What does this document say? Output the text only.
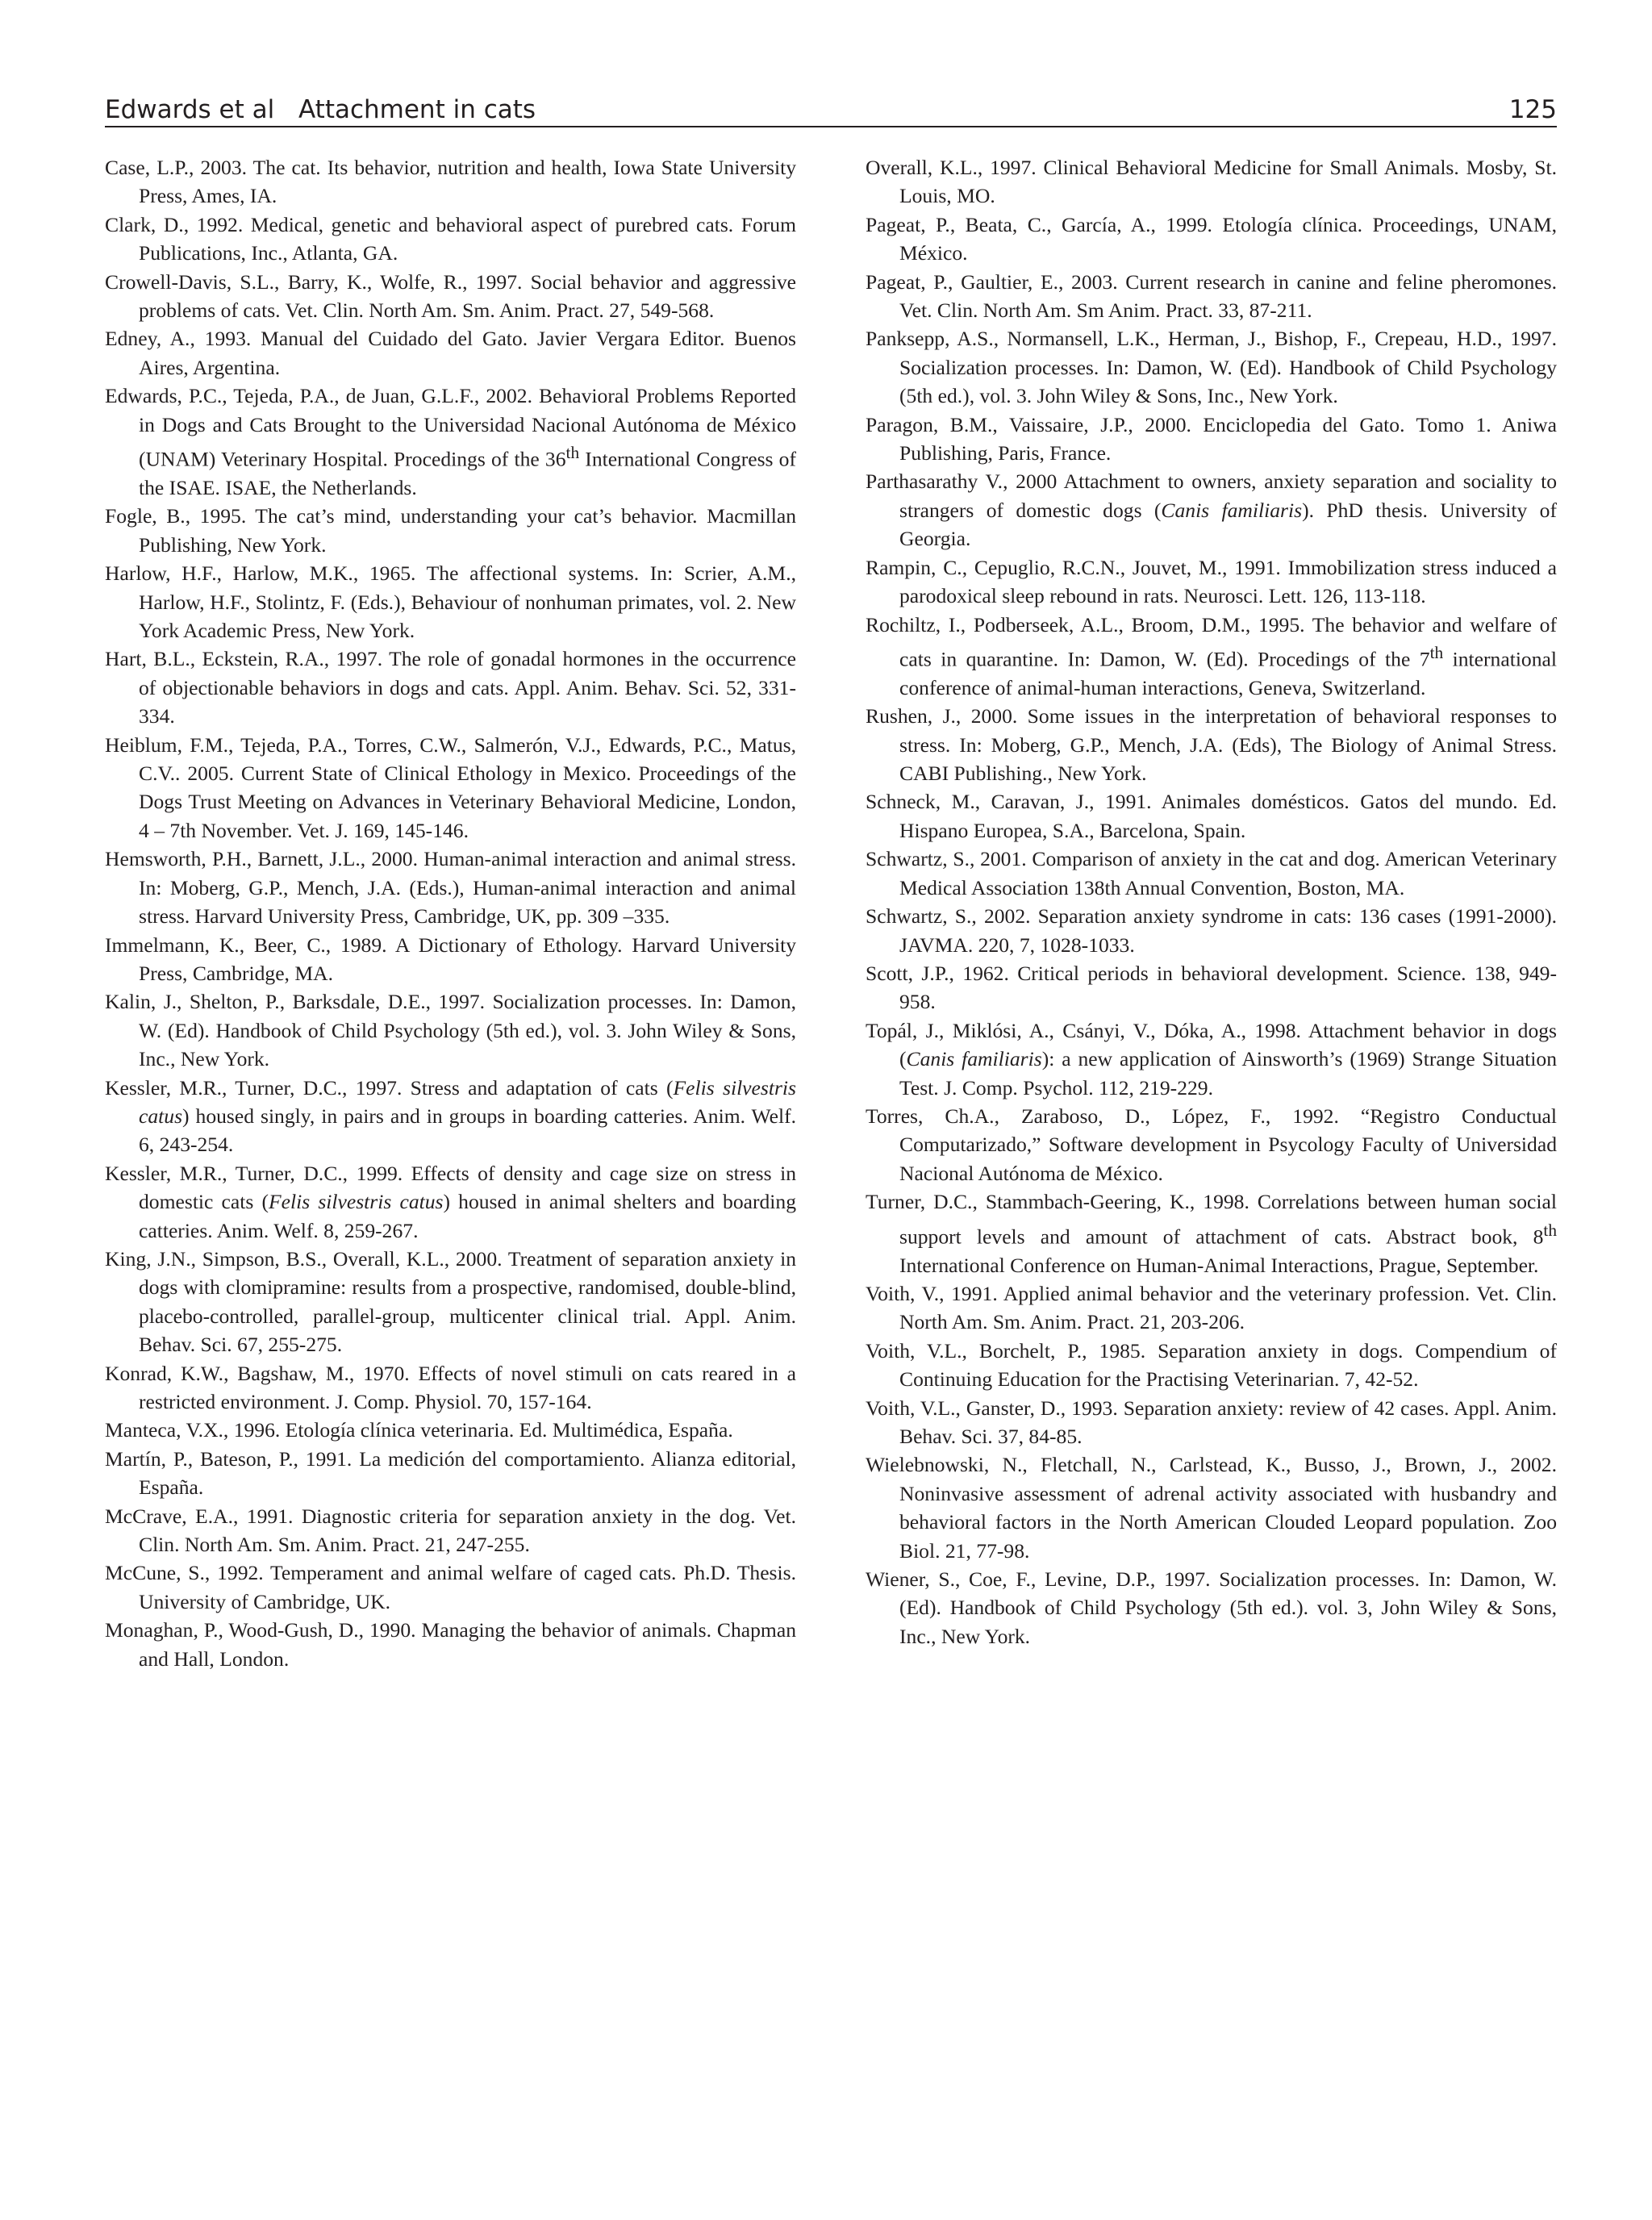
Edwards et al Attachment in cats	125

Case, L.P., 2003. The cat. Its behavior, nutrition and health, Iowa State University Press, Ames, IA.

Clark, D., 1992. Medical, genetic and behavioral aspect of purebred cats. Forum Publications, Inc., Atlanta, GA.

Crowell-Davis, S.L., Barry, K., Wolfe, R., 1997. Social behavior and aggressive problems of cats. Vet. Clin. North Am. Sm. Anim. Pract. 27, 549-568.

Edney, A., 1993. Manual del Cuidado del Gato. Javier Vergara Editor. Buenos Aires, Argentina.

Edwards, P.C., Tejeda, P.A., de Juan, G.L.F., 2002. Behavioral Problems Reported in Dogs and Cats Brought to the Universidad Nacional Autónoma de México (UNAM) Veterinary Hospital. Procedings of the 36th International Congress of the ISAE. ISAE, the Netherlands.

Fogle, B., 1995. The cat’s mind, understanding your cat’s behavior. Macmillan Publishing, New York.

Harlow, H.F., Harlow, M.K., 1965. The affectional systems. In: Scrier, A.M., Harlow, H.F., Stolintz, F. (Eds.), Behaviour of nonhuman primates, vol. 2. New York Academic Press, New York.

Hart, B.L., Eckstein, R.A., 1997. The role of gonadal hormones in the occurrence of objectionable behaviors in dogs and cats. Appl. Anim. Behav. Sci. 52, 331-334.

Heiblum, F.M., Tejeda, P.A., Torres, C.W., Salmerón, V.J., Edwards, P.C., Matus, C.V.. 2005. Current State of Clinical Ethology in Mexico. Proceedings of the Dogs Trust Meeting on Advances in Veterinary Behavioral Medicine, London, 4 – 7th November. Vet. J. 169, 145-146.

Hemsworth, P.H., Barnett, J.L., 2000. Human-animal interaction and animal stress. In: Moberg, G.P., Mench, J.A. (Eds.), Human-animal interaction and animal stress. Harvard University Press, Cambridge, UK, pp. 309 –335.

Immelmann, K., Beer, C., 1989. A Dictionary of Ethology. Harvard University Press, Cambridge, MA.

Kalin, J., Shelton, P., Barksdale, D.E., 1997. Socialization processes. In: Damon, W. (Ed). Handbook of Child Psychology (5th ed.), vol. 3. John Wiley & Sons, Inc., New York.

Kessler, M.R., Turner, D.C., 1997. Stress and adaptation of cats (Felis silvestris catus) housed singly, in pairs and in groups in boarding catteries. Anim. Welf. 6, 243-254.

Kessler, M.R., Turner, D.C., 1999. Effects of density and cage size on stress in domestic cats (Felis silvestris catus) housed in animal shelters and boarding catteries. Anim. Welf. 8, 259-267.

King, J.N., Simpson, B.S., Overall, K.L., 2000. Treatment of separation anxiety in dogs with clomipramine: results from a prospective, randomised, double-blind, placebo-controlled, parallel-group, multicenter clinical trial. Appl. Anim. Behav. Sci. 67, 255-275.

Konrad, K.W., Bagshaw, M., 1970. Effects of novel stimuli on cats reared in a restricted environment. J. Comp. Physiol. 70, 157-164.

Manteca, V.X., 1996. Etología clínica veterinaria. Ed. Multimédica, España.

Martín, P., Bateson, P., 1991. La medición del comportamiento. Alianza editorial, España.

McCrave, E.A., 1991. Diagnostic criteria for separation anxiety in the dog. Vet. Clin. North Am. Sm. Anim. Pract. 21, 247-255.

McCune, S., 1992. Temperament and animal welfare of caged cats. Ph.D. Thesis. University of Cambridge, UK.

Monaghan, P., Wood-Gush, D., 1990. Managing the behavior of animals. Chapman and Hall, London.

Overall, K.L., 1997. Clinical Behavioral Medicine for Small Animals. Mosby, St. Louis, MO.

Pageat, P., Beata, C., García, A., 1999. Etología clínica. Proceedings, UNAM, México.

Pageat, P., Gaultier, E., 2003. Current research in canine and feline pheromones. Vet. Clin. North Am. Sm Anim. Pract. 33, 87-211.

Panksepp, A.S., Normansell, L.K., Herman, J., Bishop, F., Crepeau, H.D., 1997. Socialization processes. In: Damon, W. (Ed). Handbook of Child Psychology (5th ed.), vol. 3. John Wiley & Sons, Inc., New York.

Paragon, B.M., Vaissaire, J.P., 2000. Enciclopedia del Gato. Tomo 1. Aniwa Publishing, Paris, France.

Parthasarathy V., 2000 Attachment to owners, anxiety separation and sociality to strangers of domestic dogs (Canis familiaris). PhD thesis. University of Georgia.

Rampin, C., Cepuglio, R.C.N., Jouvet, M., 1991. Immobilization stress induced a parodoxical sleep rebound in rats. Neurosci. Lett. 126, 113-118.

Rochiltz, I., Podberseek, A.L., Broom, D.M., 1995. The behavior and welfare of cats in quarantine. In: Damon, W. (Ed). Procedings of the 7th international conference of animal-human interactions, Geneva, Switzerland.

Rushen, J., 2000. Some issues in the interpretation of behavioral responses to stress. In: Moberg, G.P., Mench, J.A. (Eds), The Biology of Animal Stress. CABI Publishing., New York.

Schneck, M., Caravan, J., 1991. Animales domésticos. Gatos del mundo. Ed. Hispano Europea, S.A., Barcelona, Spain.

Schwartz, S., 2001. Comparison of anxiety in the cat and dog. American Veterinary Medical Association 138th Annual Convention, Boston, MA.

Schwartz, S., 2002. Separation anxiety syndrome in cats: 136 cases (1991-2000). JAVMA. 220, 7, 1028-1033.

Scott, J.P., 1962. Critical periods in behavioral development. Science. 138, 949-958.

Topál, J., Miklósi, A., Csányi, V., Dóka, A., 1998. Attachment behavior in dogs (Canis familiaris): a new application of Ainsworth’s (1969) Strange Situation Test. J. Comp. Psychol. 112, 219-229.

Torres, Ch.A., Zaraboso, D., López, F., 1992. “Registro Conductual Computarizado,” Software development in Psycology Faculty of Universidad Nacional Autónoma de México.

Turner, D.C., Stammbach-Geering, K., 1998. Correlations between human social support levels and amount of attachment of cats. Abstract book, 8th International Conference on Human-Animal Interactions, Prague, September.

Voith, V., 1991. Applied animal behavior and the veterinary profession. Vet. Clin. North Am. Sm. Anim. Pract. 21, 203-206.

Voith, V.L., Borchelt, P., 1985. Separation anxiety in dogs. Compendium of Continuing Education for the Practising Veterinarian. 7, 42-52.

Voith, V.L., Ganster, D., 1993. Separation anxiety: review of 42 cases. Appl. Anim. Behav. Sci. 37, 84-85.

Wielebnowski, N., Fletchall, N., Carlstead, K., Busso, J., Brown, J., 2002. Noninvasive assessment of adrenal activity associated with husbandry and behavioral factors in the North American Clouded Leopard population. Zoo Biol. 21, 77-98.

Wiener, S., Coe, F., Levine, D.P., 1997. Socialization processes. In: Damon, W. (Ed). Handbook of Child Psychology (5th ed.). vol. 3, John Wiley & Sons, Inc., New York.
